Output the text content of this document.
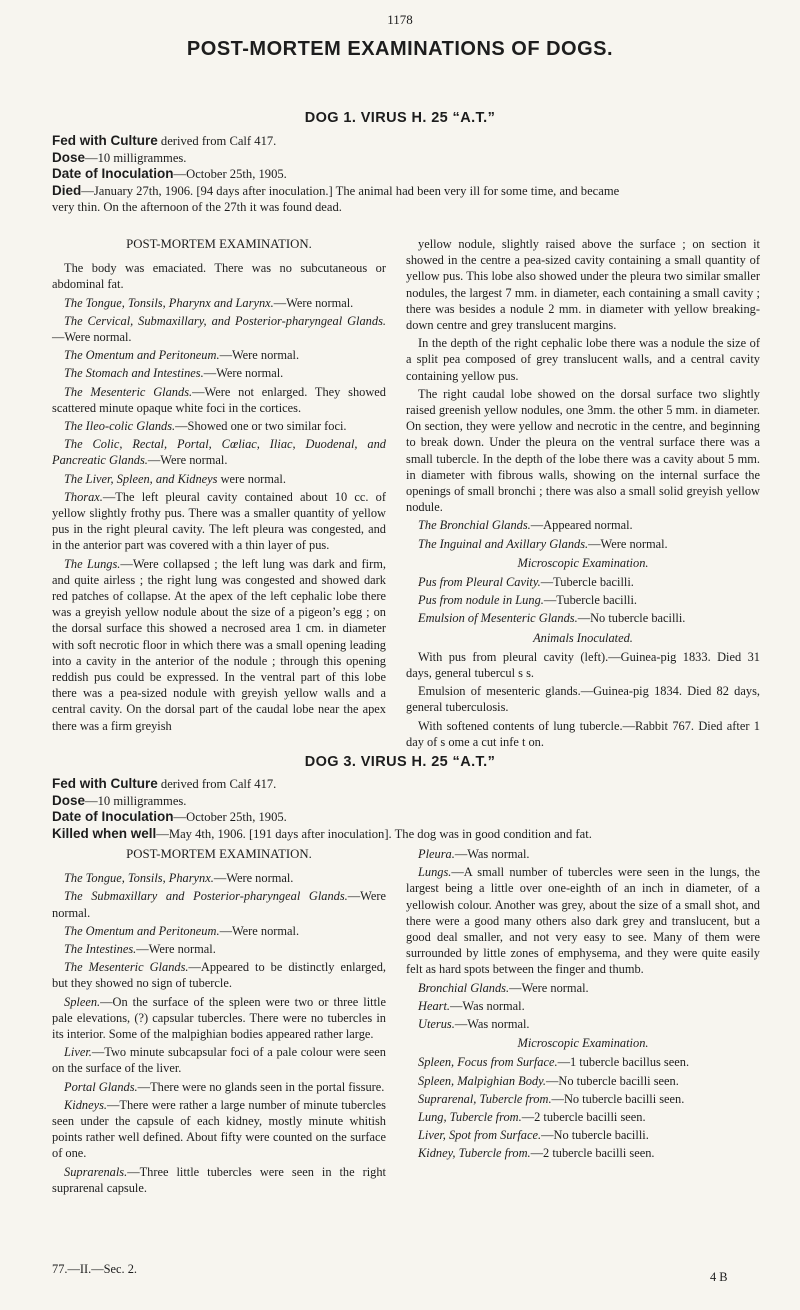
1178
POST-MORTEM EXAMINATIONS OF DOGS.
DOG 1. VIRUS H. 25 “A.T.”
Fed with Culture derived from Calf 417.
Dose—10 milligrammes.
Date of Inoculation—October 25th, 1905.
Died—January 27th, 1906. [94 days after inoculation.] The animal had been very ill for some time, and became
very thin. On the afternoon of the 27th it was found dead.
POST-MORTEM EXAMINATION.

The body was emaciated. There was no subcutaneous or abdominal fat.

The Tongue, Tonsils, Pharynx and Larynx.—Were normal.

The Cervical, Submaxillary, and Posterior-pharyngeal Glands.—Were normal.

The Omentum and Peritoneum.—Were normal.

The Stomach and Intestines.—Were normal.

The Mesenteric Glands.—Were not enlarged. They showed scattered minute opaque white foci in the cortices.

The Ileo-colic Glands.—Showed one or two similar foci.

The Colic, Rectal, Portal, Cœliac, Iliac, Duodenal, and Pancreatic Glands.—Were normal.

The Liver, Spleen, and Kidneys were normal.

Thorax.—The left pleural cavity contained about 10 cc. of yellow slightly frothy pus. There was a smaller quantity of yellow pus in the right pleural cavity. The left pleura was congested, and in the anterior part was covered with a thin layer of pus.

The Lungs.—Were collapsed ; the left lung was dark and firm, and quite airless ; the right lung was congested and showed dark red patches of collapse. At the apex of the left cephalic lobe there was a greyish yellow nodule about the size of a pigeon’s egg ; on the dorsal surface this showed a necrosed area 1 cm. in diameter with soft necrotic floor in which there was a small opening leading into a cavity in the anterior of the nodule ; through this opening reddish pus could be expressed. In the ventral part of this lobe there was a pea-sized nodule with greyish yellow walls and a central cavity. On the dorsal part of the caudal lobe near the apex there was a firm greyish

yellow nodule, slightly raised above the surface ; on section it showed in the centre a pea-sized cavity containing a small quantity of yellow pus. This lobe also showed under the pleura two similar smaller nodules, the largest 7 mm. in diameter, each containing a small cavity ; there was besides a nodule 2 mm. in diameter with yellow breaking-down centre and grey translucent margins.

In the depth of the right cephalic lobe there was a nodule the size of a split pea composed of grey translucent walls, and a central cavity containing yellow pus.

The right caudal lobe showed on the dorsal surface two slightly raised greenish yellow nodules, one 3mm. the other 5 mm. in diameter. On section, they were yellow and necrotic in the centre, and beginning to break down. Under the pleura on the ventral surface there was a small tubercle. In the depth of the lobe there was a cavity about 5 mm. in diameter with fibrous walls, showing on the internal surface the openings of small bronchi ; there was also a small solid greyish yellow nodule.

The Bronchial Glands.—Appeared normal.

The Inguinal and Axillary Glands.—Were normal.

Microscopic Examination.

Pus from Pleural Cavity.—Tubercle bacilli.

Pus from nodule in Lung.—Tubercle bacilli.

Emulsion of Mesenteric Glands.—No tubercle bacilli.

Animals Inoculated.

With pus from pleural cavity (left).—Guinea-pig 1833. Died 31 days, general tubercul s s.

Emulsion of mesenteric glands.—Guinea-pig 1834. Died 82 days, general tuberculosis.

With softened contents of lung tubercle.—Rabbit 767. Died after 1 day of s ome a cut infe t on.

DOG 3. VIRUS H. 25 “A.T.”
Fed with Culture derived from Calf 417.
Dose—10 milligrammes.
Date of Inoculation—October 25th, 1905.
Killed when well—May 4th, 1906. [191 days after inoculation]. The dog was in good condition and fat.
POST-MORTEM EXAMINATION.

The Tongue, Tonsils, Pharynx.—Were normal.

The Submaxillary and Posterior-pharyngeal Glands.—Were normal.

The Omentum and Peritoneum.—Were normal.

The Intestines.—Were normal.

The Mesenteric Glands.—Appeared to be distinctly enlarged, but they showed no sign of tubercle.

Spleen.—On the surface of the spleen were two or three little pale elevations, (?) capsular tubercles. There were no tubercles in its interior. Some of the malpighian bodies appeared rather large.

Liver.—Two minute subcapsular foci of a pale colour were seen on the surface of the liver.

Portal Glands.—There were no glands seen in the portal fissure.

Kidneys.—There were rather a large number of minute tubercles seen under the capsule of each kidney, mostly minute whitish points rather well defined. About fifty were counted on the surface of one.

Suprarenals.—Three little tubercles were seen in the right suprarenal capsule.

Pleura.—Was normal.

Lungs.—A small number of tubercles were seen in the lungs, the largest being a little over one-eighth of an inch in diameter, of a yellowish colour. Another was grey, about the size of a small shot, and there were a good many others also dark grey and translucent, but a good deal smaller, and not very easy to see. Many of them were surrounded by little zones of emphysema, and they were quite easily felt as hard spots between the finger and thumb.

Bronchial Glands.—Were normal.

Heart.—Was normal.

Uterus.—Was normal.

Microscopic Examination.

Spleen, Focus from Surface.—1 tubercle bacillus seen.

Spleen, Malpighian Body.—No tubercle bacilli seen.

Suprarenal, Tubercle from.—No tubercle bacilli seen.

Lung, Tubercle from.—2 tubercle bacilli seen.

Liver, Spot from Surface.—No tubercle bacilli.

Kidney, Tubercle from.—2 tubercle bacilli seen.

77.—II.—Sec. 2.
4 B
